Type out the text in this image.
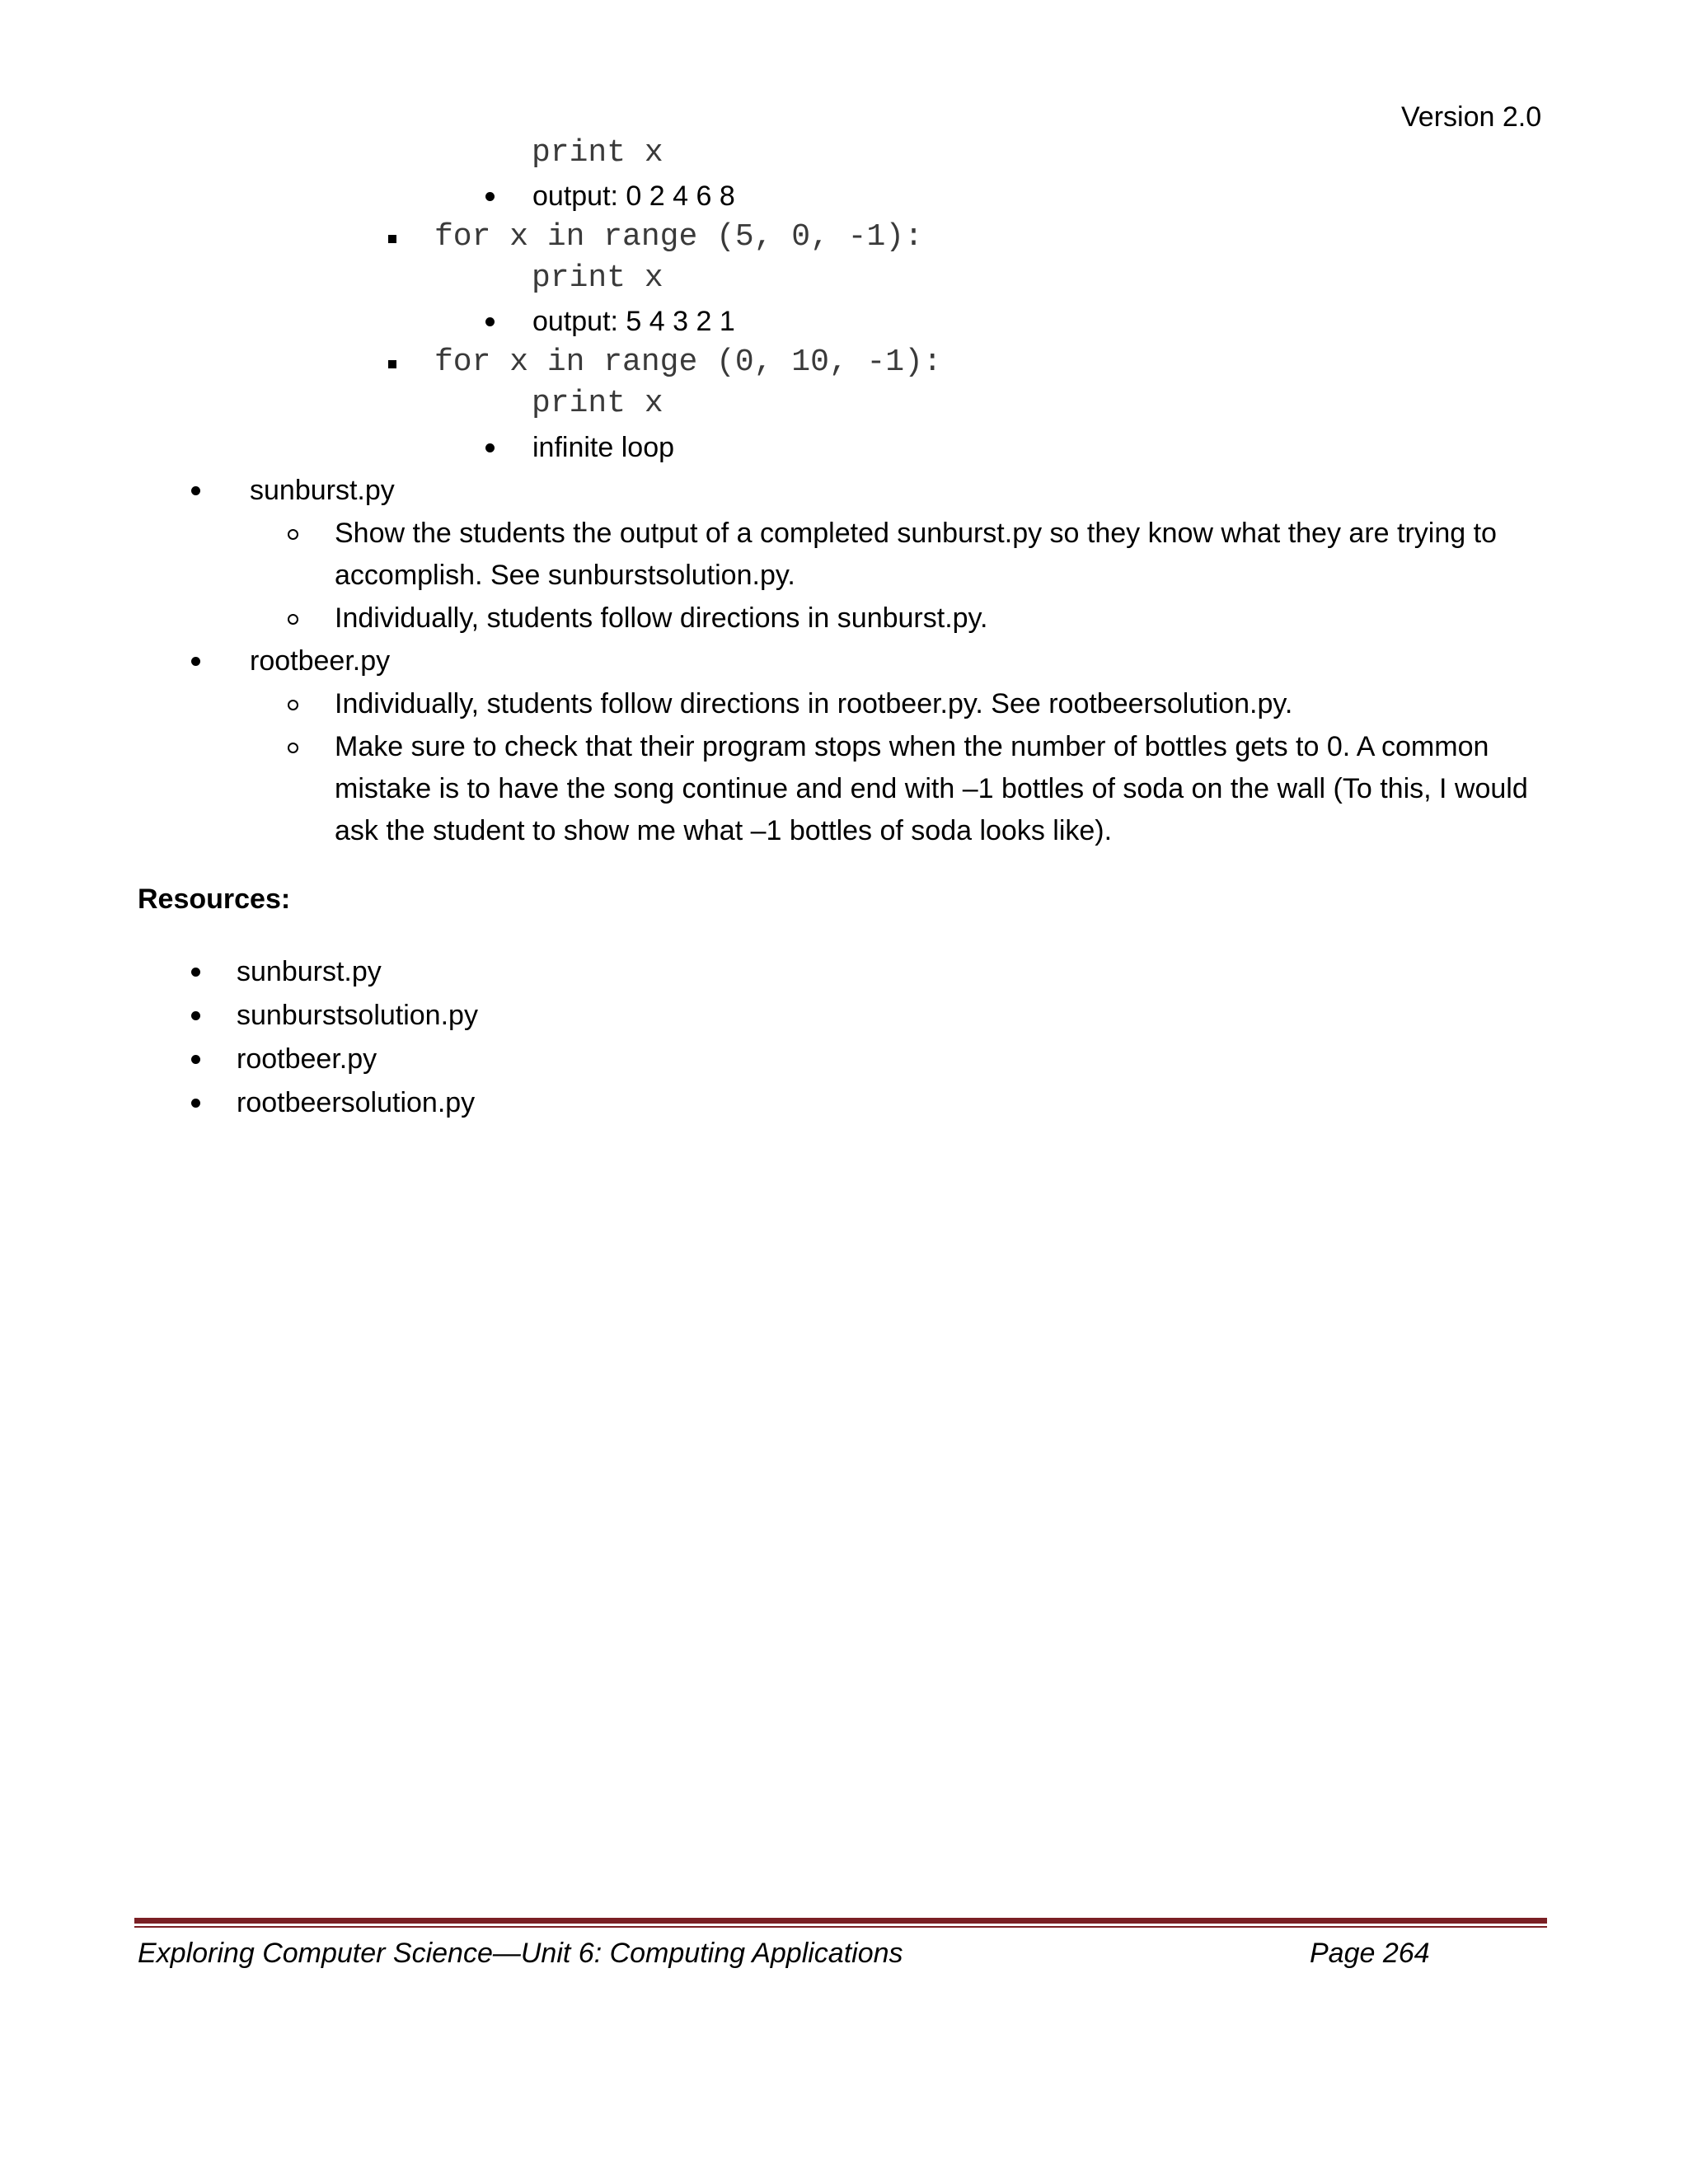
Version 2.0
print x
output: 0 2 4 6 8
for x in range (5, 0, -1):
print x
output: 5 4 3 2 1
for x in range (0, 10, -1):
print x
infinite loop
sunburst.py
Show the students the output of a completed sunburst.py so they know what they are trying to
accomplish. See sunburstsolution.py.
Individually, students follow directions in sunburst.py.
rootbeer.py
Individually, students follow directions in rootbeer.py. See rootbeersolution.py.
Make sure to check that their program stops when the number of bottles gets to 0. A common
mistake is to have the song continue and end with –1 bottles of soda on the wall (To this, I would
ask the student to show me what –1 bottles of soda looks like).
Resources:
sunburst.py
sunburstsolution.py
rootbeer.py
rootbeersolution.py
Exploring Computer Science—Unit 6: Computing Applications	Page 264
